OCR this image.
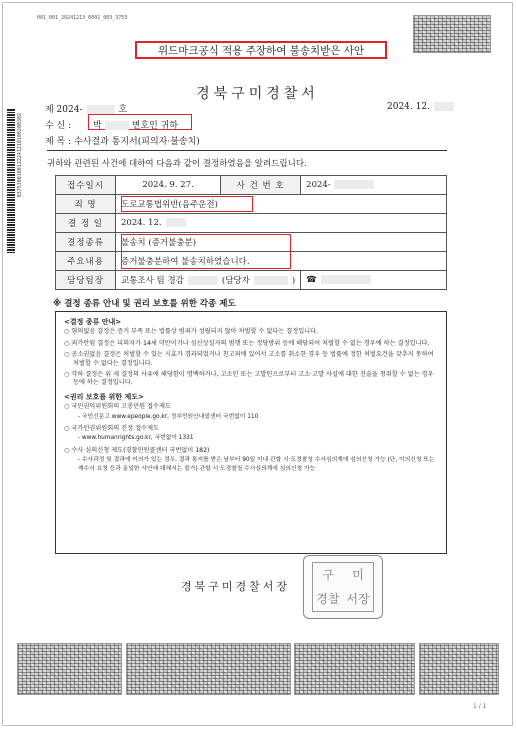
001_001_20241213_6002_003_3753
0375300100122241210100200302
위드마크공식 적용 주장하여 불송치받은 사안
경북구미경찰서
제 2024-	호	2024. 12.
수 신 : 박	변호인 귀하
제 목 : 수사결과 통지서(피의자·불송치)
귀하와 관련된 사건에 대하여 다음과 같이 결정하였음을 알려드립니다.
접수일시	2024. 9. 27.	사 건 번 호	2024-
죄 명	도로교통법위반(음주운전)		
결 정 일	2024. 12.		
결정종류	불송치 (증거불충분)		
주요내용	증거불충분하여 불송치하였습니다.		
담당팀장	교통조사 팀 경감 (담당자 )		☎
※ 결정 종류 안내 및 권리 보호를 위한 각종 제도
<결정 종류 안내>
○ 혐의없음 결정은 증거 부족 또는 법률상 범죄가 성립되지 않아 처벌할 수 없다는 결정입니다.
○ 죄가안됨 결정은 피의자가 14세 미만이거나 심신상실자의 범행 또는 정당방위 등에 해당되어 처벌할 수 없는 경우에 하는 결정입니다.
○ 공소권없음 결정은 처벌할 수 있는 시효가 경과되었거나 친고죄에 있어서 고소를 취소한 경우 등 법률에 정한 처벌요건을 갖추지 못하여 처벌할 수 없다는 결정입니다.
○ 각하 결정은 위 세 결정의 사유에 해당함이 명백하거나, 고소인 또는 고발인으로부터 고소·고발 사실에 대한 진술을 청취할 수 없는 경우 등에 하는 결정입니다.
<권리 보호를 위한 제도>
○ 국민권익위원회의 고충민원 접수제도
- 국민신문고 www.epeople.go.kr, 정부민원안내콜센터 국번없이 110
○ 국가인권위원회의 진정 접수제도
- www.humanrights.go.kr, 국번없이 1331
○ 수사 심의신청 제도(경찰민원콜센터 국번없이 182)
- 수사과정 및 결과에 이의가 있는 경우, 결과 통지를 받은 날부터 90일 이내 관할 시·도경찰청 수사심의계에 심의신청 가능 (단, 이의신청 또는 재수사 요청 등과 동일한 사안에 대해서는 불가) 관할 시·도경찰청 수사심의계에 심의신청 가능
경북구미경찰서장
구	미
경찰 서장
1 / 1
